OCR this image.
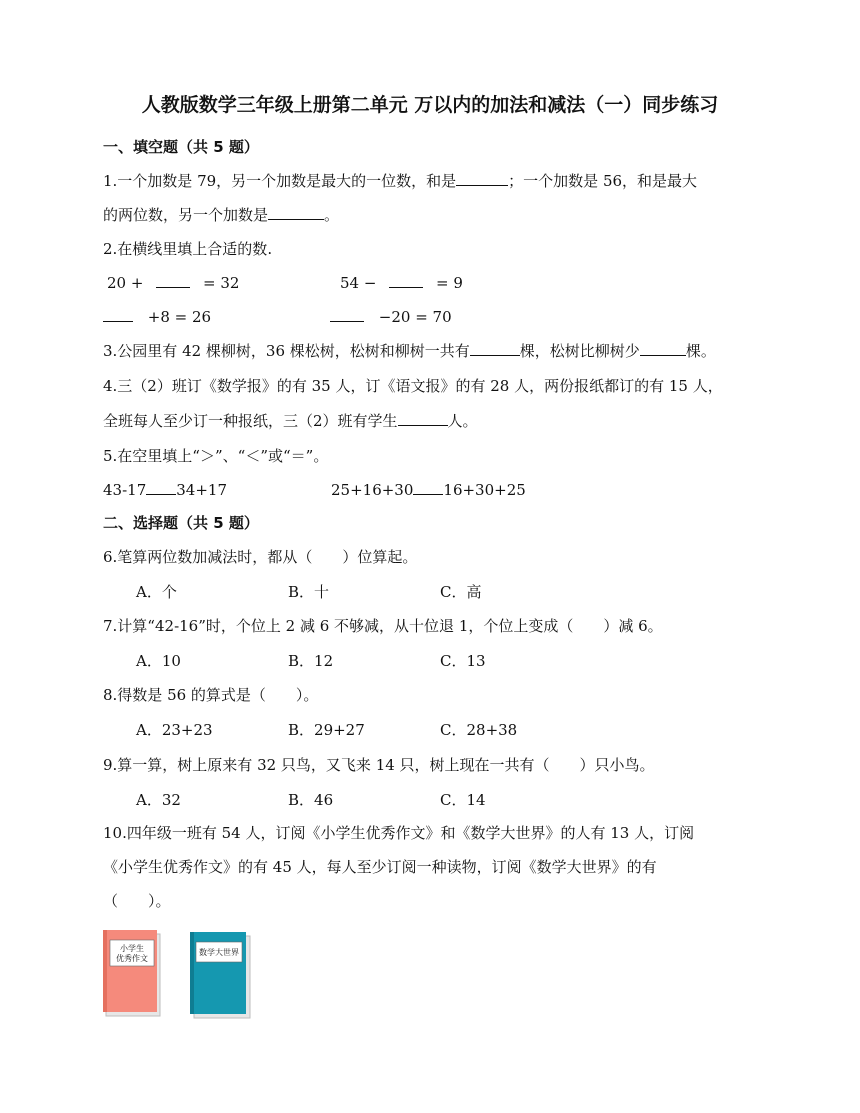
人教版数学三年级上册第二单元 万以内的加法和减法（一）同步练习
一、填空题（共 5 题）
1.一个加数是 79，另一个加数是最大的一位数，和是	；一个加数是 56，和是最大
的两位数，另一个加数是	。
2.在横线里填上合适的数.
20 +	= 32	54 −	= 9
+8 = 26	−20 = 70
3.公园里有 42 棵柳树，36 棵松树，松树和柳树一共有	棵，松树比柳树少	棵。
4.三（2）班订《数学报》的有 35 人，订《语文报》的有 28 人，两份报纸都订的有 15 人，
全班每人至少订一种报纸，三（2）班有学生	人。
5.在空里填上“＞”、“＜”或“＝”。
43-17 34+17	25+16+30 16+30+25
二、选择题（共 5 题）
6.笔算两位数加减法时，都从（　　）位算起。
A．个	B．十	C．高
7.计算“42-16”时，个位上 2 减 6 不够减，从十位退 1，个位上变成（　　）减 6。
A．10	B．12	C．13
8.得数是 56 的算式是（　　）。
A．23+23	B．29+27	C．28+38
9.算一算，树上原来有 32 只鸟，又飞来 14 只，树上现在一共有（　　）只小鸟。
A．32	B．46	C．14
10.四年级一班有 54 人，订阅《小学生优秀作文》和《数学大世界》的人有 13 人，订阅
《小学生优秀作文》的有 45 人，每人至少订阅一种读物，订阅《数学大世界》的有
（　　）。
小学生
优秀作文
数学大世界
